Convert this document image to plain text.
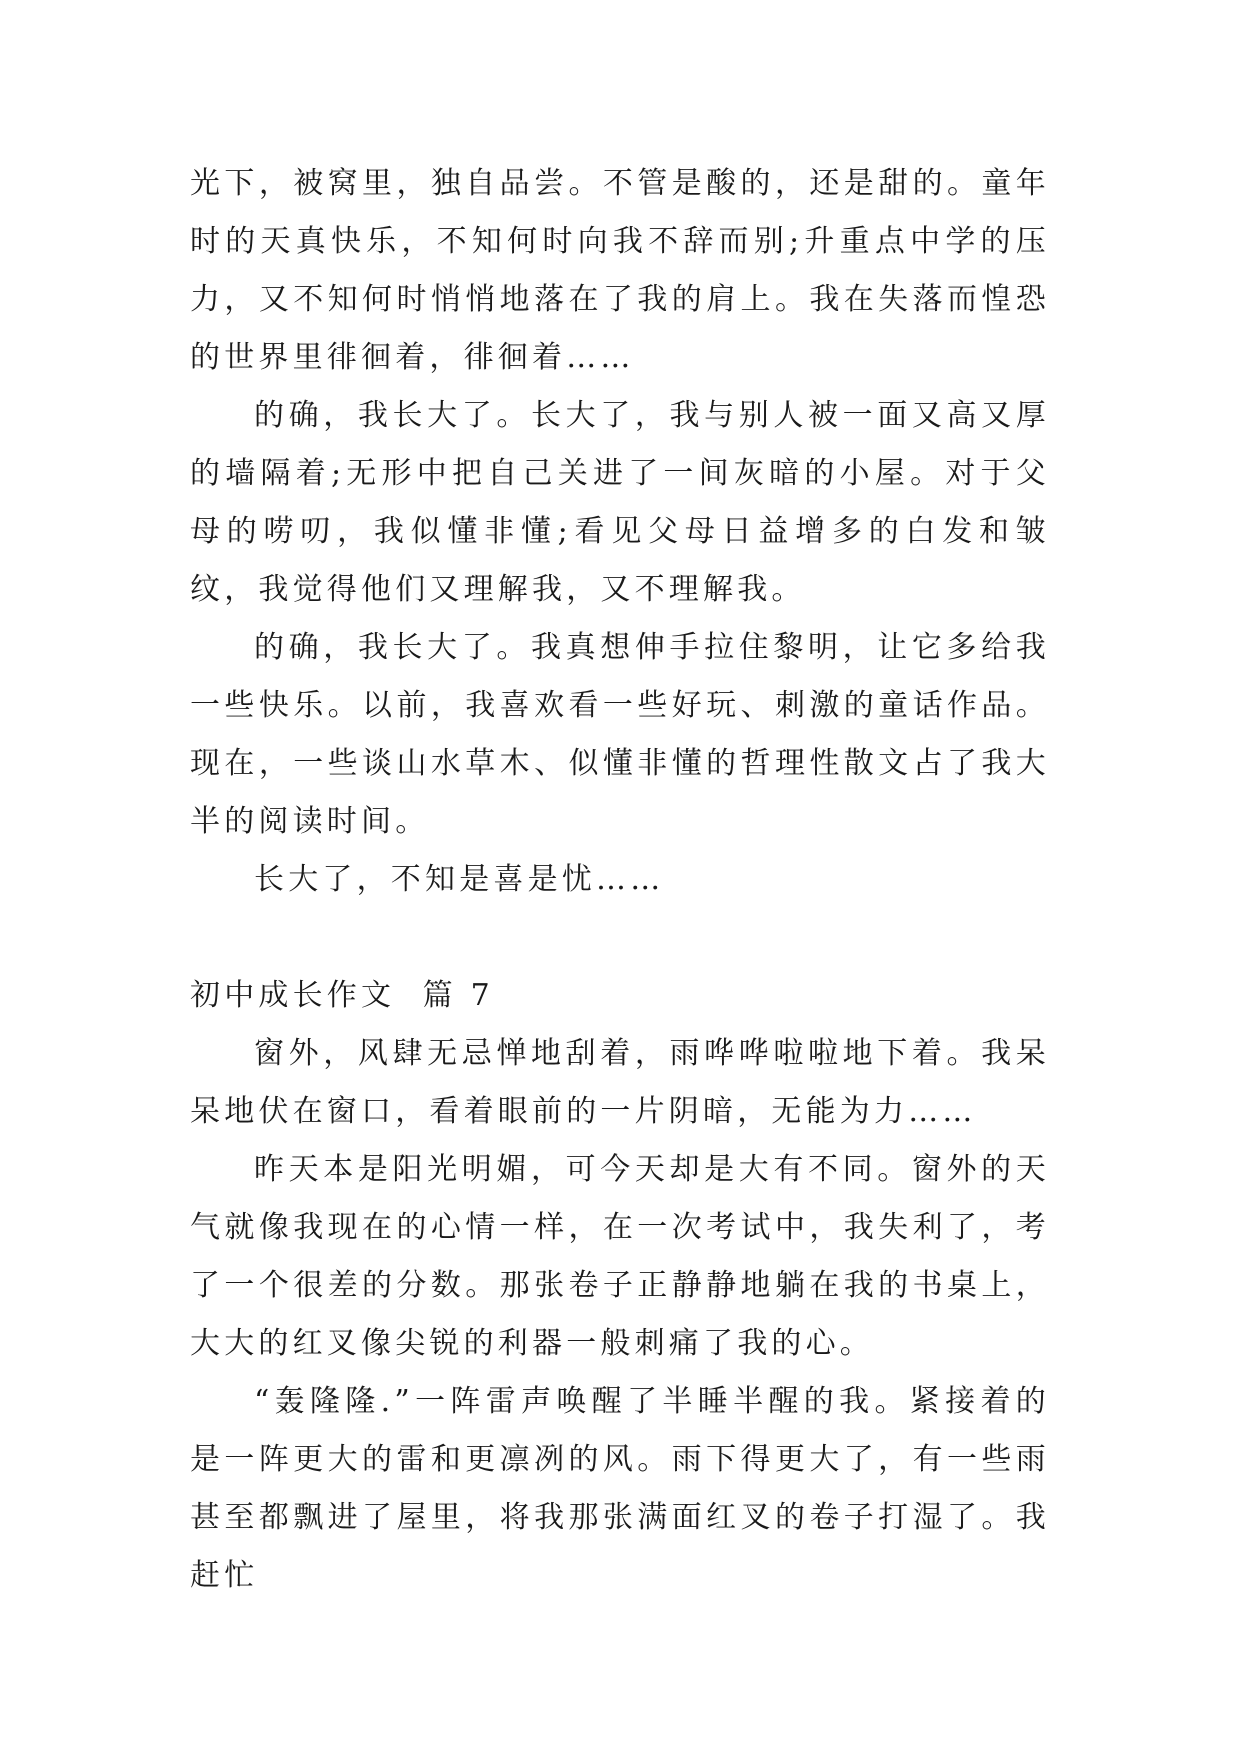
光下，被窝里，独自品尝。不管是酸的，还是甜的。童年时的天真快乐，不知何时向我不辞而别;升重点中学的压力，又不知何时悄悄地落在了我的肩上。我在失落而惶恐的世界里徘徊着，徘徊着……

的确，我长大了。长大了，我与别人被一面又高又厚的墙隔着;无形中把自己关进了一间灰暗的小屋。对于父母的唠叨，我似懂非懂;看见父母日益增多的白发和皱纹，我觉得他们又理解我，又不理解我。

的确，我长大了。我真想伸手拉住黎明，让它多给我一些快乐。以前，我喜欢看一些好玩、刺激的童话作品。现在，一些谈山水草木、似懂非懂的哲理性散文占了我大半的阅读时间。

长大了，不知是喜是忧……

初中成长作文  篇 7

窗外，风肆无忌惮地刮着，雨哗哗啦啦地下着。我呆呆地伏在窗口，看着眼前的一片阴暗，无能为力……

昨天本是阳光明媚，可今天却是大有不同。窗外的天气就像我现在的心情一样，在一次考试中，我失利了，考了一个很差的分数。那张卷子正静静地躺在我的书桌上，大大的红叉像尖锐的利器一般刺痛了我的心。

“轰隆隆.”一阵雷声唤醒了半睡半醒的我。紧接着的是一阵更大的雷和更凛冽的风。雨下得更大了，有一些雨甚至都飘进了屋里，将我那张满面红叉的卷子打湿了。我赶忙
